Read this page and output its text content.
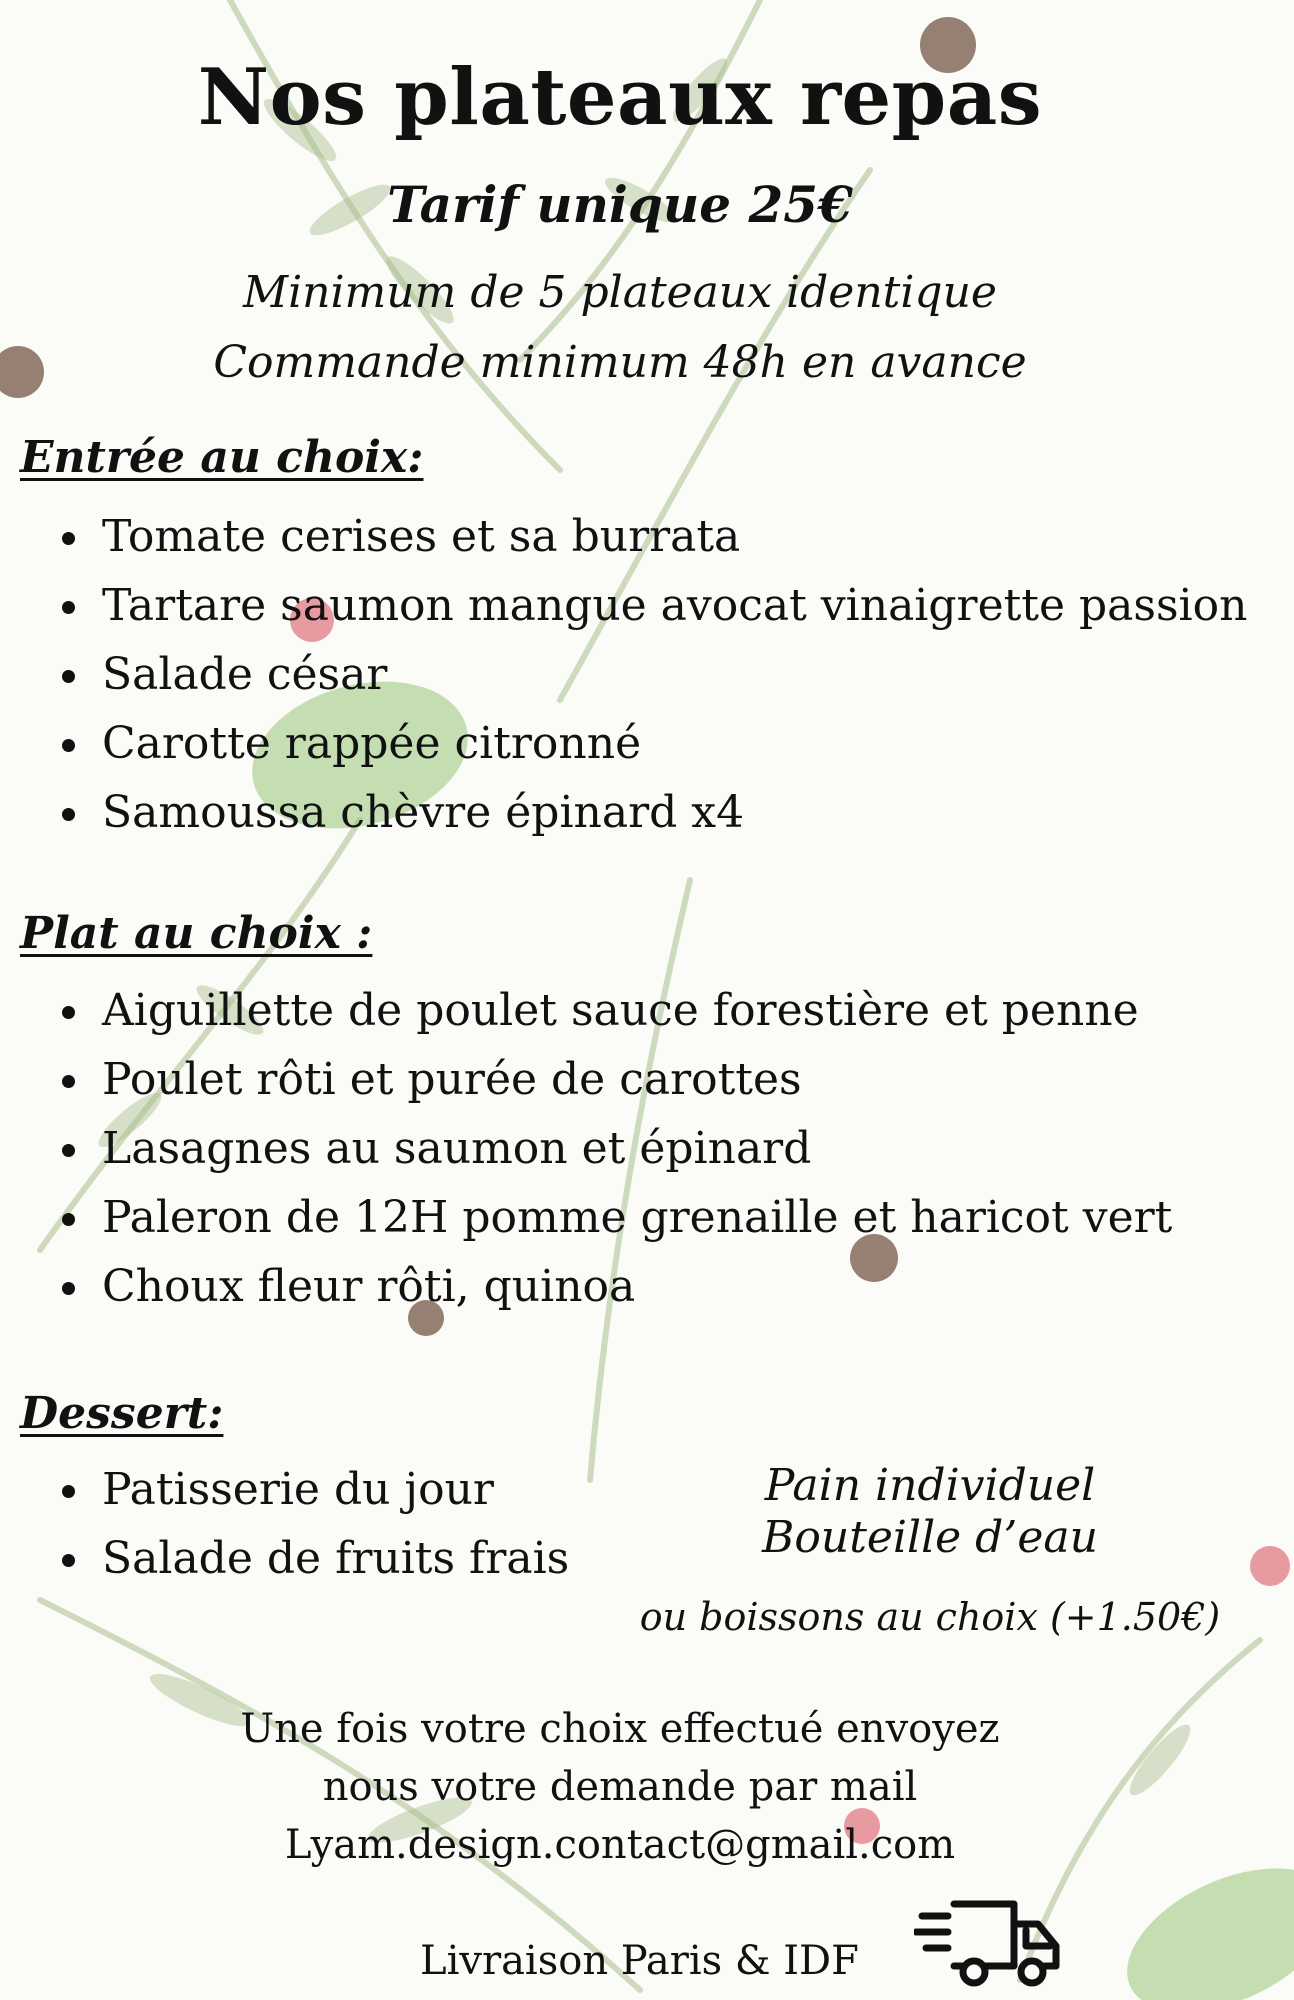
Nos plateaux repas
Tarif unique 25€
Minimum de 5 plateaux identique
Commande minimum 48h en avance
Entrée au choix:
Tomate cerises et sa burrata
Tartare saumon mangue avocat vinaigrette passion
Salade césar
Carotte rappée citronné
Samoussa chèvre épinard x4
Plat au choix :
Aiguillette de poulet sauce forestière et penne
Poulet rôti et purée de carottes
Lasagnes au saumon et épinard
Paleron de 12H pomme grenaille et haricot vert
Choux fleur rôti, quinoa
Dessert:
Patisserie du jour
Salade de fruits frais
Pain individuel
Bouteille d’eau
ou boissons au choix (+1.50€)
Une fois votre choix effectué envoyez
nous votre demande par mail
Lyam.design.contact@gmail.com
Livraison Paris & IDF
